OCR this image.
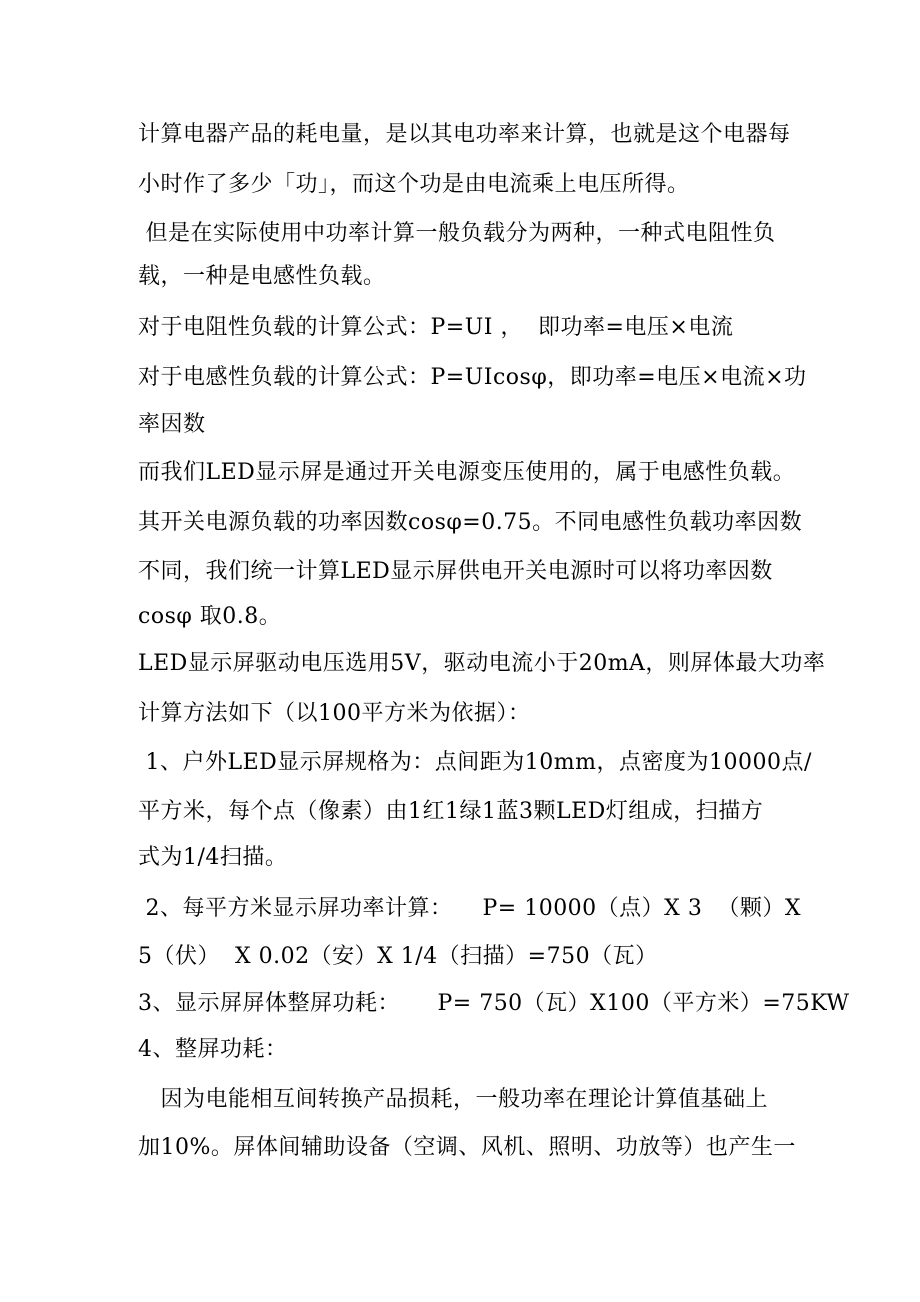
计算电器产品的耗电量，是以其电功率来计算，也就是这个电器每
小时作了多少「功」，而这个功是由电流乘上电压所得。
但是在实际使用中功率计算一般负载分为两种，一种式电阻性负
载，一种是电感性负载。
对于电阻性负载的计算公式：P=UI ，  即功率=电压×电流
对于电感性负载的计算公式：P=UIcosφ，即功率=电压×电流×功
率因数
而我们LED显示屏是通过开关电源变压使用的，属于电感性负载。
其开关电源负载的功率因数cosφ=0.75。不同电感性负载功率因数
不同，我们统一计算LED显示屏供电开关电源时可以将功率因数
cosφ 取0.8。
LED显示屏驱动电压选用5V，驱动电流小于20mA，则屏体最大功率
计算方法如下（以100平方米为依据）：
1、户外LED显示屏规格为：点间距为10mm，点密度为10000点/
平方米，每个点（像素）由1红1绿1蓝3颗LED灯组成，扫描方
式为1/4扫描。
2、每平方米显示屏功率计算：    P= 10000（点）X 3  （颗）X
5（伏）  X 0.02（安）X 1/4（扫描）=750（瓦）
3、显示屏屏体整屏功耗：     P= 750（瓦）X100（平方米）=75KW
4、整屏功耗：
因为电能相互间转换产品损耗，一般功率在理论计算值基础上
加10%。屏体间辅助设备（空调、风机、照明、功放等）也产生一
